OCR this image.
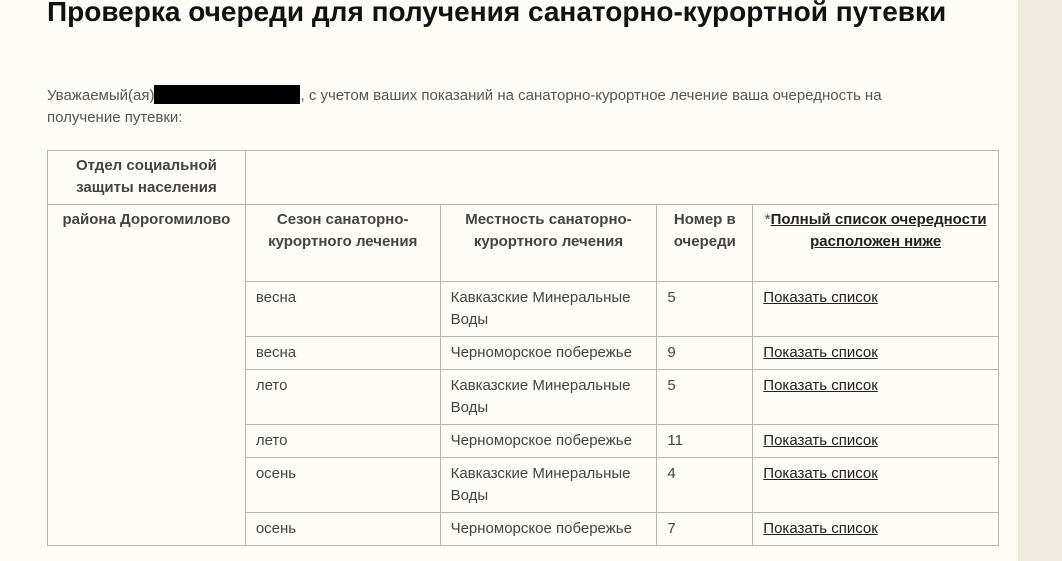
Проверка очереди для получения санаторно-курортной путевки

Уважаемый(ая)	, с учетом ваших показаний на санаторно-курортное лечение ваша очередность на получение путевки:

Отдел социальной защиты населения				
района Дорогомилово	Сезон санаторно-курортного лечения	Местность санаторно-курортного лечения	Номер в очереди	*Полный список очередности расположен ниже
	весна	Кавказские Минеральные Воды	5	Показать список
	весна	Черноморское побережье	9	Показать список
	лето	Кавказские Минеральные Воды	5	Показать список
	лето	Черноморское побережье	11	Показать список
	осень	Кавказские Минеральные Воды	4	Показать список
	осень	Черноморское побережье	7	Показать список
